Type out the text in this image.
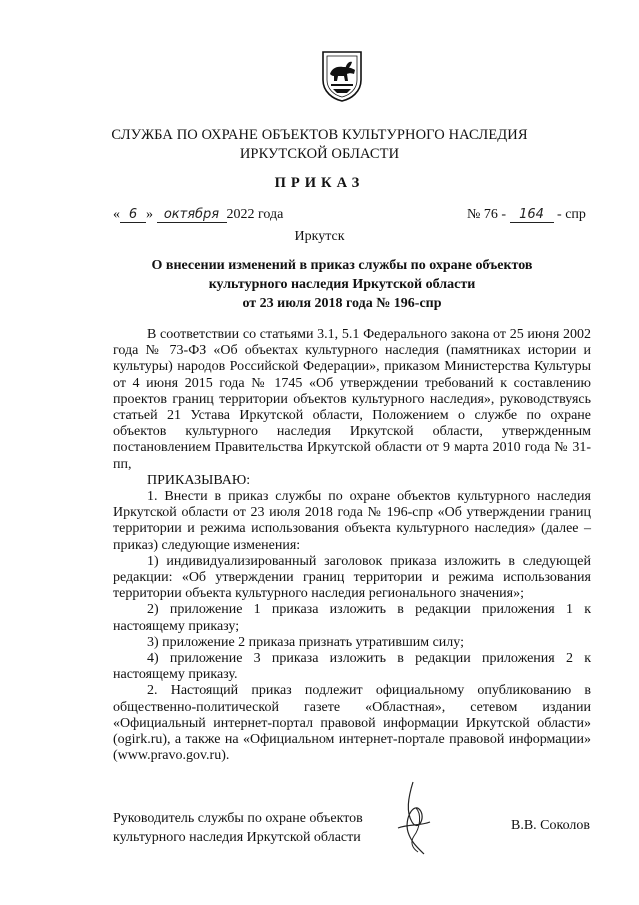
СЛУЖБА ПО ОХРАНЕ ОБЪЕКТОВ КУЛЬТУРНОГО НАСЛЕДИЯ
ИРКУТСКОЙ ОБЛАСТИ
ПРИКАЗ
« 6 » октября 2022 года	№ 76 - 164 - спр
Иркутск
О внесении изменений в приказ службы по охране объектов
культурного наследия Иркутской области
от 23 июля 2018 года № 196-спр

В соответствии со статьями 3.1, 5.1 Федерального закона от 25 июня 2002 года № 73-ФЗ «Об объектах культурного наследия (памятниках истории и культуры) народов Российской Федерации», приказом Министерства Культуры от 4 июня 2015 года № 1745 «Об утверждении требований к составлению проектов границ территории объектов культурного наследия», руководствуясь статьей 21 Устава Иркутской области, Положением о службе по охране объектов культурного наследия Иркутской области, утвержденным постановлением Правительства Иркутской области от 9 марта 2010 года № 31-пп,

ПРИКАЗЫВАЮ:

1. Внести в приказ службы по охране объектов культурного наследия Иркутской области от 23 июля 2018 года № 196-спр «Об утверждении границ территории и режима использования объекта культурного наследия» (далее – приказ) следующие изменения:

1) индивидуализированный заголовок приказа изложить в следующей редакции: «Об утверждении границ территории и режима использования территории объекта культурного наследия регионального значения»;

2) приложение 1 приказа изложить в редакции приложения 1 к настоящему приказу;

3) приложение 2 приказа признать утратившим силу;

4) приложение 3 приказа изложить в редакции приложения 2 к настоящему приказу.

2. Настоящий приказ подлежит официальному опубликованию в общественно-политической газете «Областная», сетевом издании «Официальный интернет-портал правовой информации Иркутской области» (ogirk.ru), а также на «Официальном интернет-портале правовой информации» (www.pravo.gov.ru).

Руководитель службы по охране объектов
культурного наследия Иркутской области
В.В. Соколов
